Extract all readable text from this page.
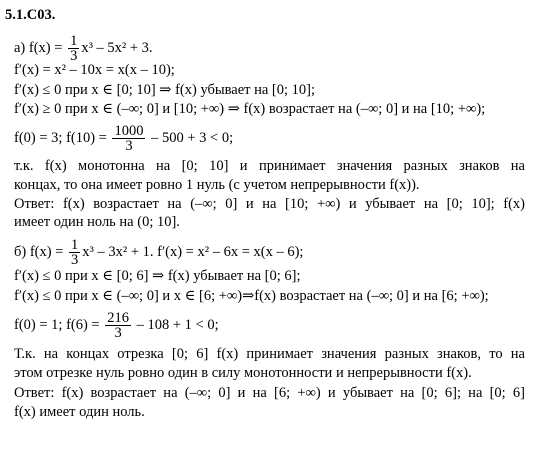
5.1.C03.
а) $f(x) = \frac{1}{3} x^3 - 5x^2 + 3$.
f′(x) = x² – 10x = x(x – 10);
f′(x) ≤ 0 при x ∈ [0; 10] ⇒ f(x) убывает на [0; 10];
f′(x) ≥ 0 при x ∈ (–∞; 0] и [10; +∞) ⇒ f(x) возрастает на (–∞; 0] и на [10; +∞);
f(0) = 3; $f(10) = \frac{1000}{3} - 500 + 3 < 0$;
т.к. f(x) монотонна на [0; 10] и принимает значения разных знаков на
концах, то она имеет ровно 1 нуль (с учетом непрерывности f(x)).
Ответ: f(x) возрастает на (–∞; 0] и на [10; +∞) и убывает на [0; 10]; f(x)
имеет один ноль на (0; 10].
б) $f(x) = \frac{1}{3} x^3 - 3x^2 + 1$. f′(x) = x² – 6x = x(x – 6);
f′(x) ≤ 0 при x ∈ [0; 6] ⇒ f(x) убывает на [0; 6];
f′(x) ≤ 0 при x ∈ (–∞; 0] и x ∈ [6; +∞)⇒f(x) возрастает на (–∞; 0] и на [6; +∞);
f(0) = 1; $f(6) = \frac{216}{3} - 108 + 1 < 0$;
Т.к. на концах отрезка [0; 6] f(x) принимает значения разных знаков, то на
этом отрезке нуль ровно один в силу монотонности и непрерывности f(x).
Ответ: f(x) возрастает на (–∞; 0] и на [6; +∞) и убывает на [0; 6]; на [0; 6]
f(x) имеет один ноль.
